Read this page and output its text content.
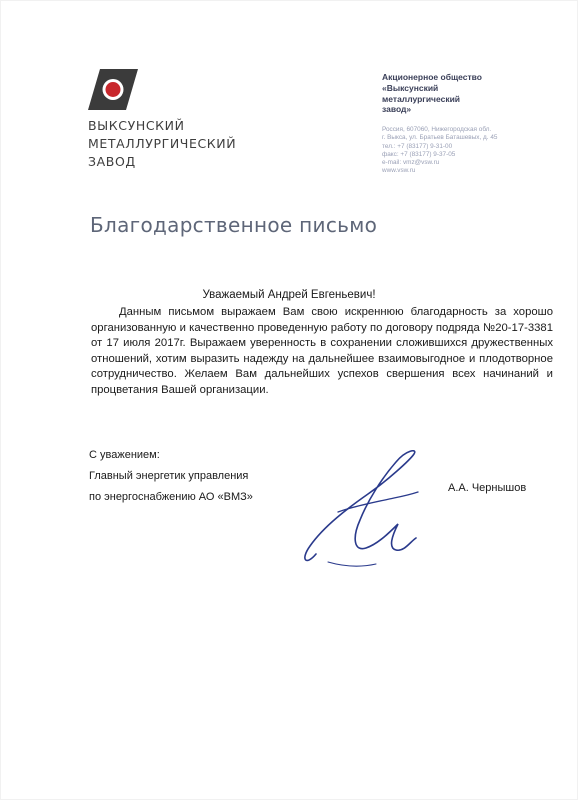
ВЫКСУНСКИЙ
МЕТАЛЛУРГИЧЕСКИЙ
ЗАВОД
Акционерное общество
«Выксунский
металлургический
завод»
Россия, 607060, Нижегородская обл.
г. Выкса, ул. Братьев Баташевых, д. 45
тел.: +7 (83177) 9-31-00
факс: +7 (83177) 9-37-05
e-mail: vmz@vsw.ru
www.vsw.ru
Благодарственное письмо
Уважаемый Андрей Евгеньевич!
Данным письмом выражаем Вам свою искреннюю благодарность за хорошо организованную и качественно проведенную работу по договору подряда №20-17-3381 от 17 июля 2017г. Выражаем уверенность в сохранении сложившихся дружественных отношений, хотим выразить надежду на дальнейшее взаимовыгодное и плодотворное сотрудничество. Желаем Вам дальнейших успехов свершения всех начинаний и процветания Вашей организации.
С уважением:
Главный энергетик управления
по энергоснабжению АО «ВМЗ»
А.А. Чернышов
